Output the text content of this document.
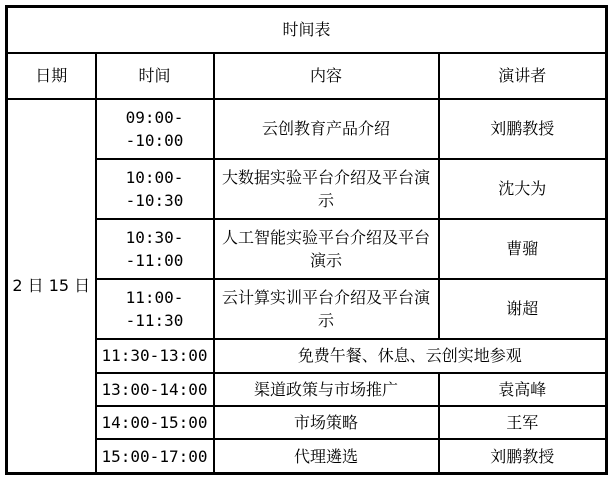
时间表			
日期	时间	内容	演讲者
2 日 15 日	09:00--10:00	云创教育产品介绍	刘鹏教授
	10:00--10:30	大数据实验平台介绍及平台演示	沈大为
	10:30--11:00	人工智能实验平台介绍及平台演示	曹骝
	11:00--11:30	云计算实训平台介绍及平台演示	谢超
	11:30-13:00	免费午餐、休息、云创实地参观	
	13:00-14:00	渠道政策与市场推广	袁高峰
	14:00-15:00	市场策略	王军
	15:00-17:00	代理遴选	刘鹏教授
